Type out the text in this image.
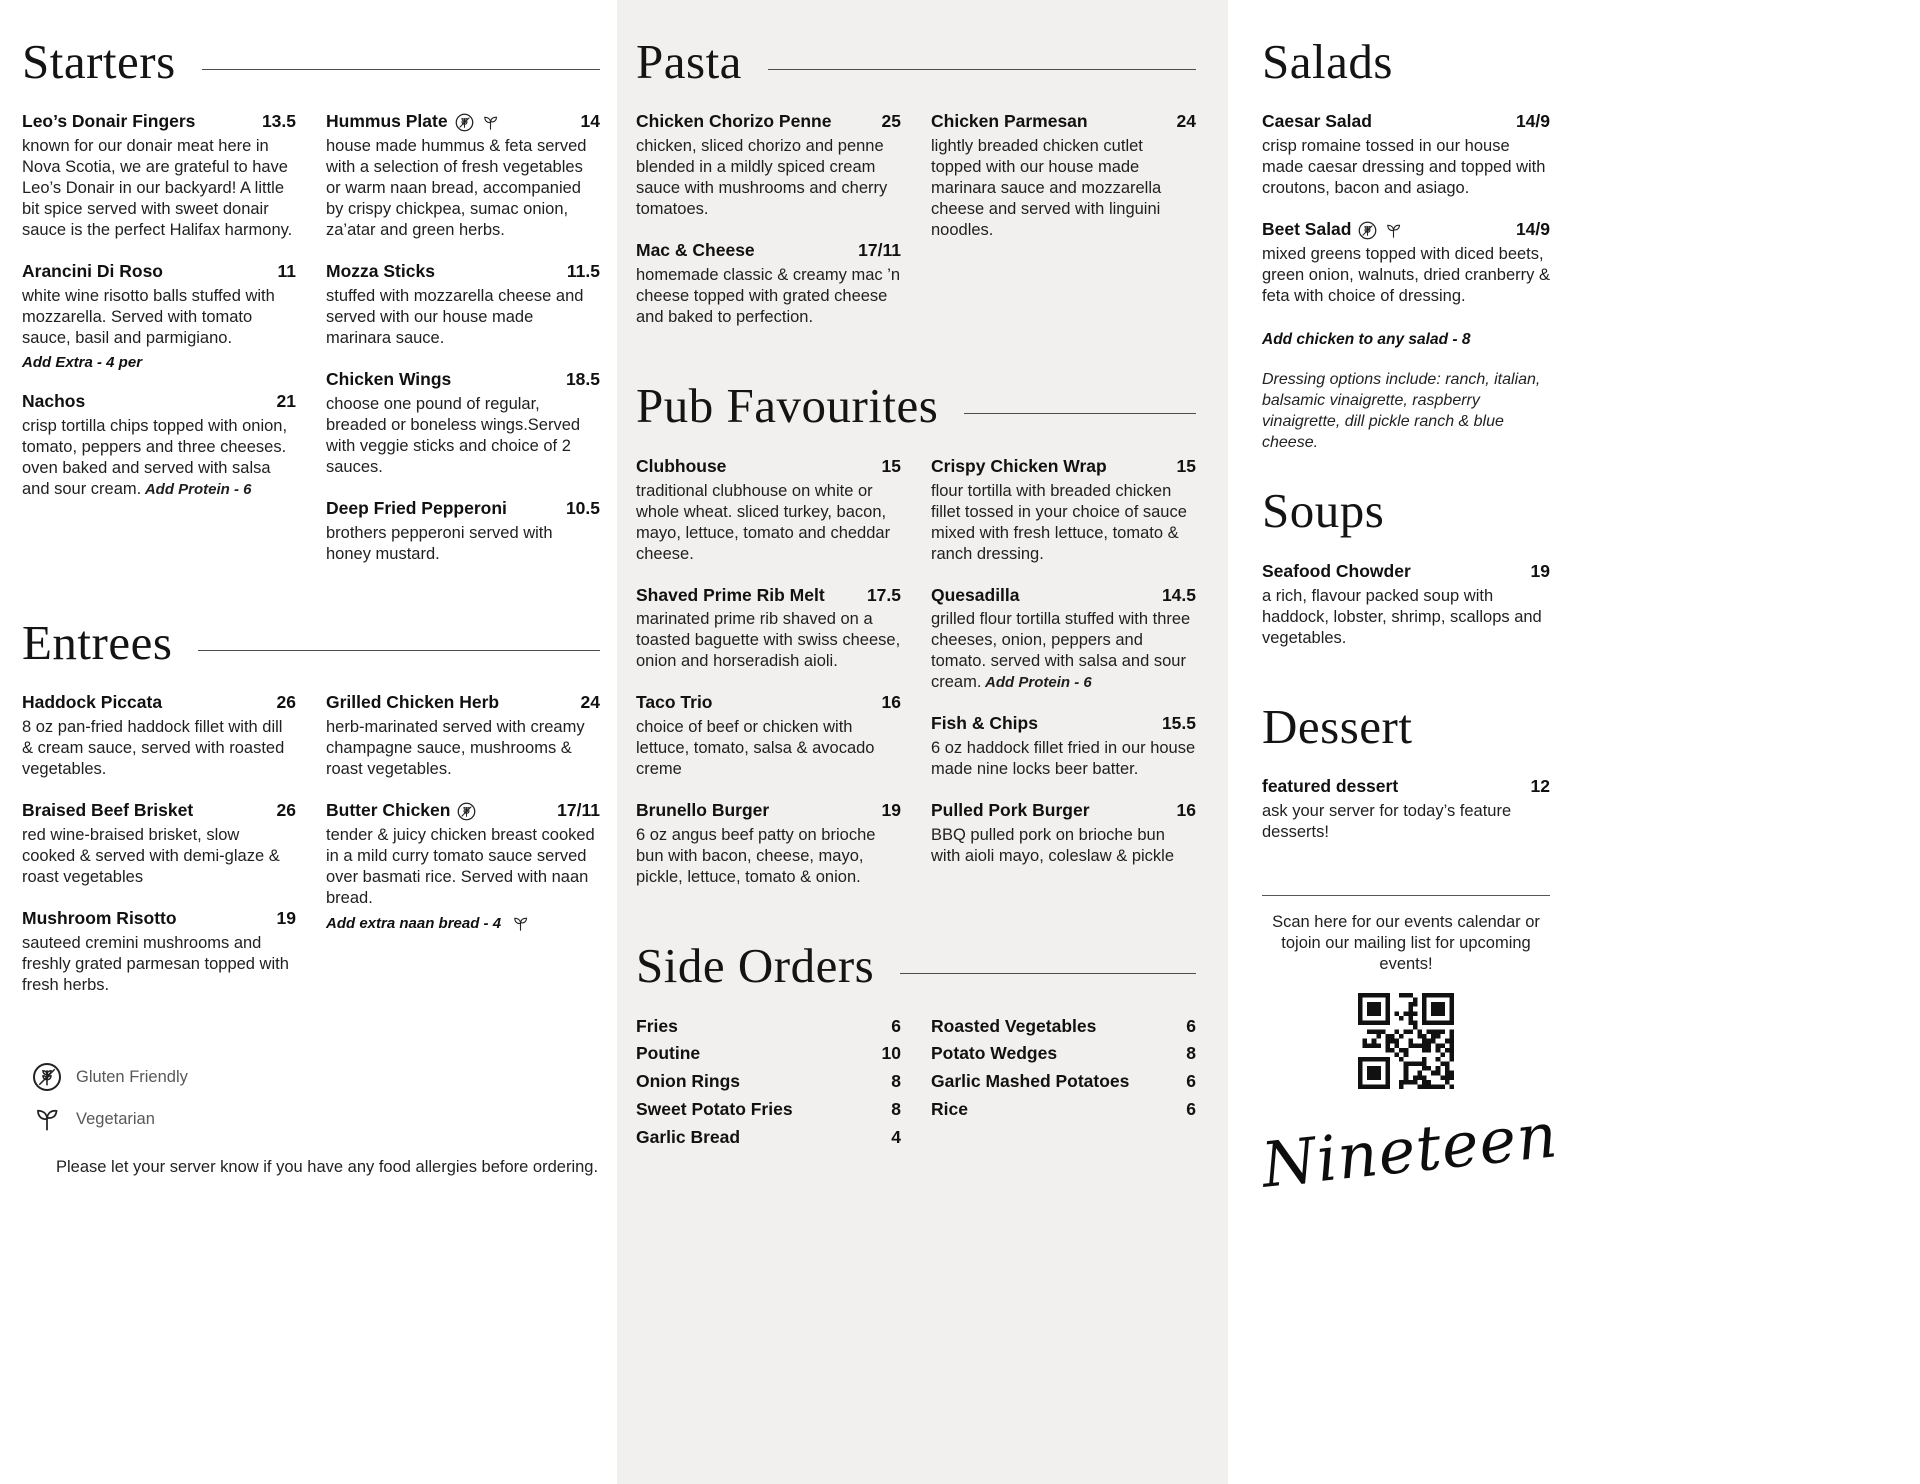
Starters
Leo’s Donair Fingers	13.5
known for our donair meat here in Nova Scotia, we are grateful to have Leo’s Donair in our backyard! A little bit spice served with sweet donair sauce is the perfect Halifax harmony.
Arancini Di Roso	11
white wine risotto balls stuffed with mozzarella. Served with tomato sauce, basil and parmigiano.
Add Extra - 4 per
Nachos	21
crisp tortilla chips topped with onion, tomato, peppers and three cheeses. oven baked and served with salsa and sour cream. Add Protein - 6
Hummus Plate	14
house made hummus & feta served with a selection of fresh vegetables or warm naan bread, accompanied by crispy chickpea, sumac onion, za’atar and green herbs.
Mozza Sticks	11.5
stuffed with mozzarella cheese and served with our house made marinara sauce.
Chicken Wings	18.5
choose one pound of regular, breaded or boneless wings.Served with veggie sticks and choice of 2 sauces.
Deep Fried Pepperoni	10.5
brothers pepperoni served with honey mustard.
Entrees
Haddock Piccata	26
8 oz pan-fried haddock fillet with dill & cream sauce, served with roasted vegetables.
Braised Beef Brisket	26
red wine-braised brisket, slow cooked & served with demi-glaze & roast vegetables
Mushroom Risotto	19
sauteed cremini mushrooms and freshly grated parmesan topped with fresh herbs.
Grilled Chicken Herb	24
herb-marinated served with creamy champagne sauce, mushrooms & roast vegetables.
Butter Chicken	17/11
tender & juicy chicken breast cooked in a mild curry tomato sauce served over basmati rice. Served with naan bread.
Add extra naan bread - 4
Gluten Friendly
Vegetarian
Please let your server know if you have any food allergies before ordering.
Pasta
Chicken Chorizo Penne	25
chicken, sliced chorizo and penne blended in a mildly spiced cream sauce with mushrooms and cherry tomatoes.
Mac & Cheese	17/11
homemade classic & creamy mac ’n cheese topped with grated cheese and baked to perfection.
Chicken Parmesan	24
lightly breaded chicken cutlet topped with our house made marinara sauce and mozzarella cheese and served with linguini noodles.
Pub Favourites
Clubhouse	15
traditional clubhouse on white or whole wheat. sliced turkey, bacon, mayo, lettuce, tomato and cheddar cheese.
Shaved Prime Rib Melt	17.5
marinated prime rib shaved on a toasted baguette with swiss cheese, onion and horseradish aioli.
Taco Trio	16
choice of beef or chicken with lettuce, tomato, salsa & avocado creme
Brunello Burger	19
6 oz angus beef patty on brioche bun with bacon, cheese, mayo, pickle, lettuce, tomato & onion.
Crispy Chicken Wrap	15
flour tortilla with breaded chicken fillet tossed in your choice of sauce mixed with fresh lettuce, tomato & ranch dressing.
Quesadilla	14.5
grilled flour tortilla stuffed with three cheeses, onion, peppers and tomato. served with salsa and sour cream. Add Protein - 6
Fish & Chips	15.5
6 oz haddock fillet fried in our house made nine locks beer batter.
Pulled Pork Burger	16
BBQ pulled pork on brioche bun with aioli mayo, coleslaw & pickle
Side Orders
Fries	6
Poutine	10
Onion Rings	8
Sweet Potato Fries	8
Garlic Bread	4
Roasted Vegetables	6
Potato Wedges	8
Garlic Mashed Potatoes	6
Rice	6
Salads
Caesar Salad	14/9
crisp romaine tossed in our house made caesar dressing and topped with croutons, bacon and asiago.
Beet Salad	14/9
mixed greens topped with diced beets, green onion, walnuts, dried cranberry & feta with choice of dressing.
Add chicken to any salad - 8
Dressing options include: ranch, italian, balsamic vinaigrette, raspberry vinaigrette, dill pickle ranch & blue cheese.
Soups
Seafood Chowder	19
a rich, flavour packed soup with haddock, lobster, shrimp, scallops and vegetables.
Dessert
featured dessert	12
ask your server for today’s feature desserts!

Scan here for our events calendar or tojoin our mailing list for upcoming events!

Nineteen
